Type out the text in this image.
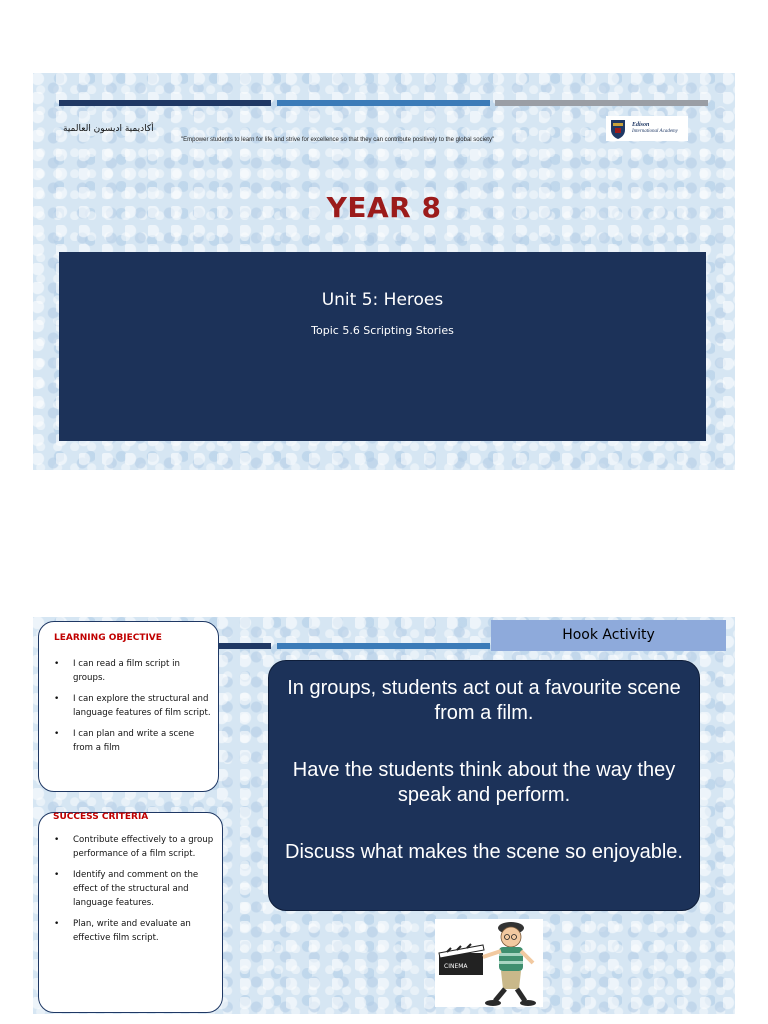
أكاديمية اديسون العالمية
"Empower students to learn for life and strive for excellence so that they can contribute positively to the global society"
Edison
International Academy
YEAR 8
Unit 5: Heroes
Topic 5.6 Scripting Stories
LEARNING OBJECTIVE
• I can read a film script in groups.
• I can explore the structural and language features of film script.
• I can plan and write a scene from a film
SUCCESS CRITERIA
• Contribute effectively to a group performance of a film script.
• Identify and comment on the effect of the structural and language features.
• Plan, write and evaluate an effective film script.
Hook Activity

In groups, students act out a favourite scene from a film.

Have the students think about the way they speak and perform.

Discuss what makes the scene so enjoyable.

CINEMA
